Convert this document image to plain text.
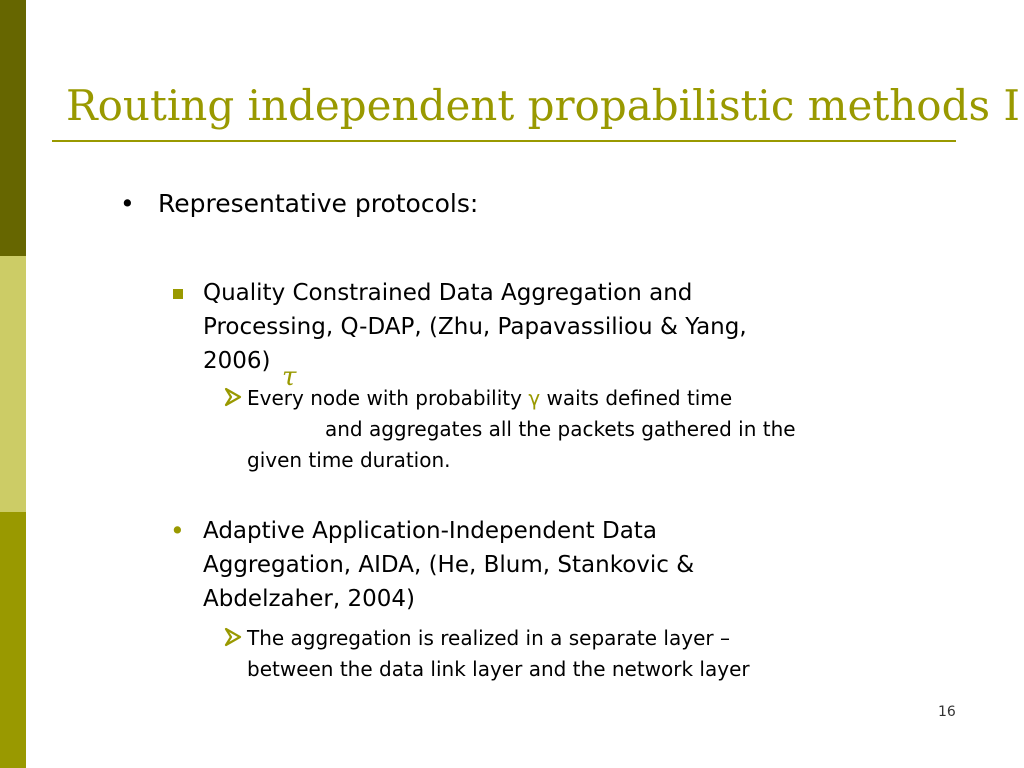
Routing independent propabilistic methods I
• Representative protocols:
Quality Constrained Data Aggregation and
Processing, Q-DAP, (Zhu, Papavassiliou & Yang,
2006)
τ
Every node with probability γ waits defined time
and aggregates all the packets gathered in the
given time duration.
• Adaptive Application-Independent Data
Aggregation, AIDA, (He, Blum, Stankovic &
Abdelzaher, 2004)
The aggregation is realized in a separate layer –
between the data link layer and the network layer
16
